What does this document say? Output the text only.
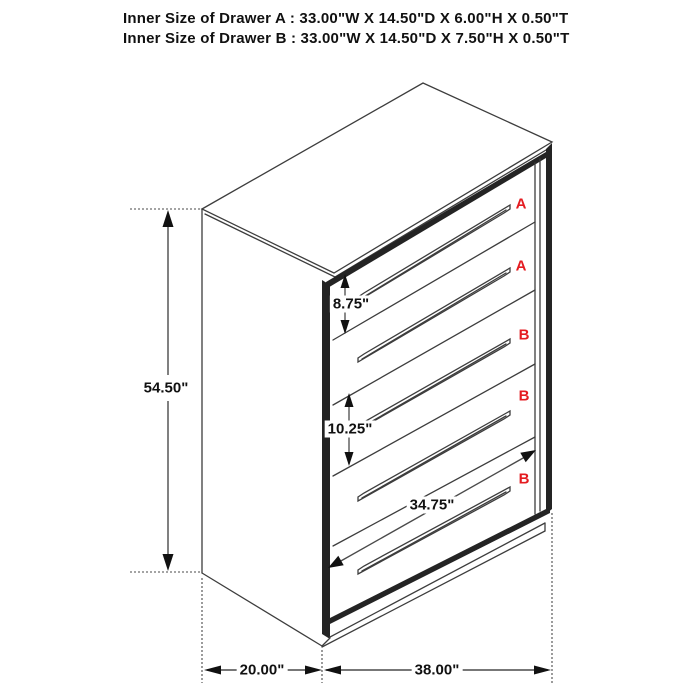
Inner Size of Drawer A : 33.00"W X 14.50"D X 6.00"H X 0.50"T
Inner Size of Drawer B : 33.00"W X 14.50"D X 7.50"H X 0.50"T
A
A
B
B
B
54.50"
8.75"
10.25"
34.75"
20.00"	38.00"
